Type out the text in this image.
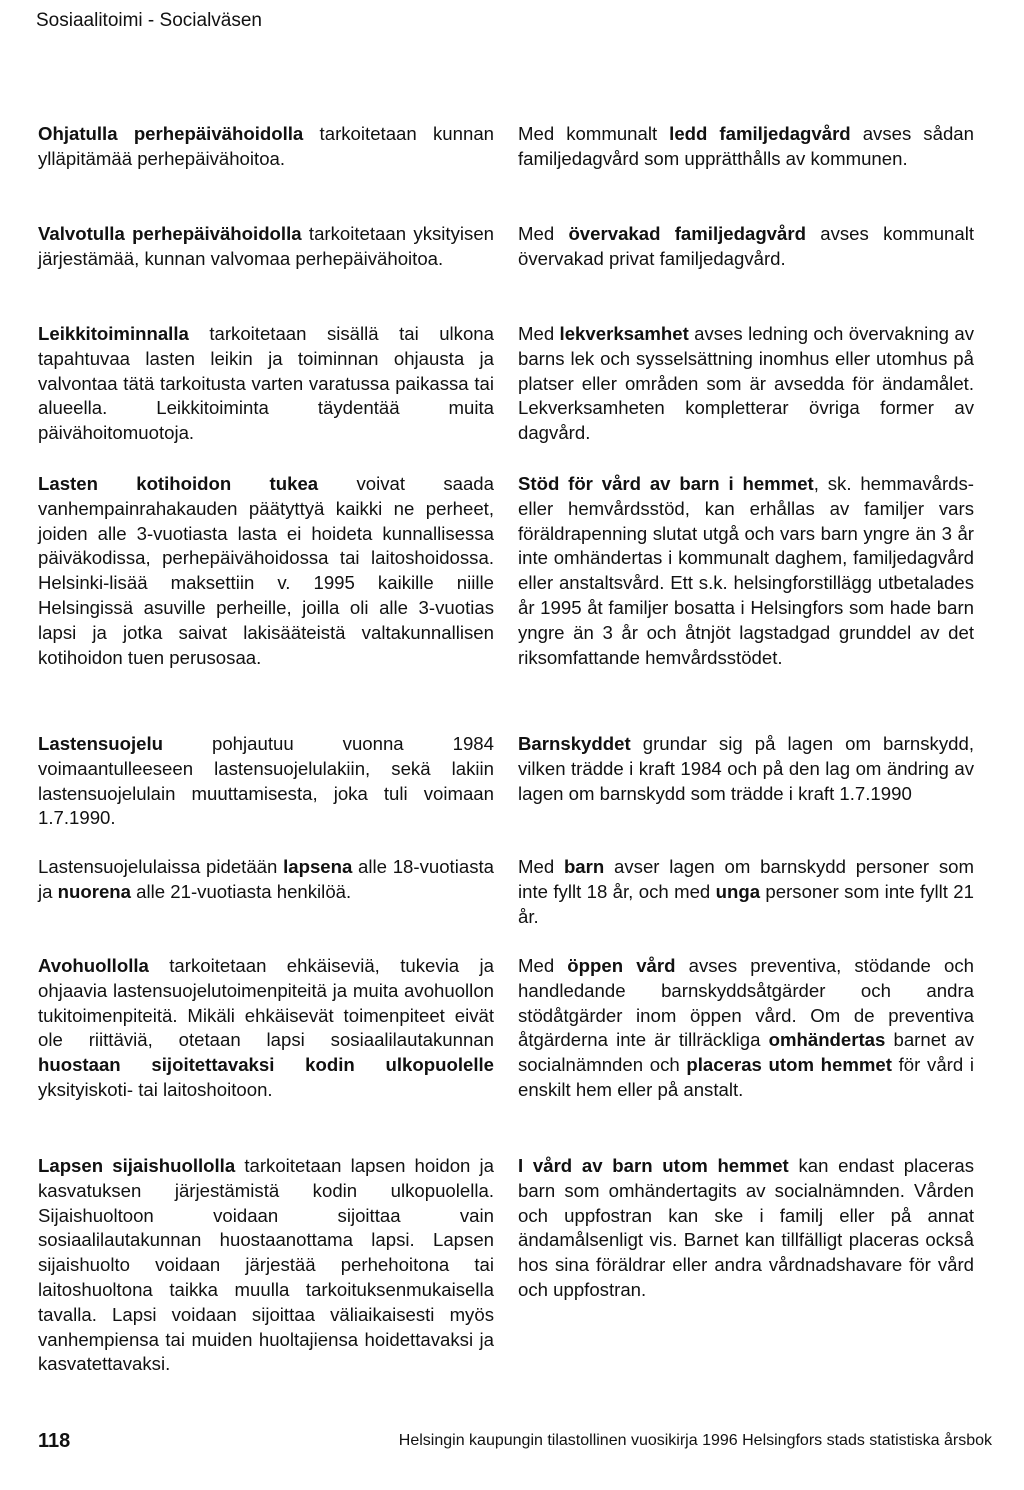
Sosiaalitoimi - Socialväsen

Ohjatulla perhepäivähoidolla tarkoitetaan kunnan ylläpitämää perhepäivähoitoa.

Valvotulla perhepäivähoidolla tarkoitetaan yksityisen järjestämää, kunnan valvomaa perhepäivähoitoa.

Leikkitoiminnalla tarkoitetaan sisällä tai ulkona tapahtuvaa lasten leikin ja toiminnan ohjausta ja valvontaa tätä tarkoitusta varten varatussa paikassa tai alueella. Leikkitoiminta täydentää muita päivähoitomuotoja.

Lasten kotihoidon tukea voivat saada vanhempainrahakauden päätyttyä kaikki ne perheet, joiden alle 3-vuotiasta lasta ei hoideta kunnallisessa päiväkodissa, perhepäivähoidossa tai laitoshoidossa. Helsinki-lisää maksettiin v. 1995 kaikille niille Helsingissä asuville perheille, joilla oli alle 3-vuotias lapsi ja jotka saivat lakisääteistä valtakunnallisen kotihoidon tuen perusosaa.

Lastensuojelu pohjautuu vuonna 1984 voimaantulleeseen lastensuojelulakiin, sekä lakiin lastensuojelulain muuttamisesta, joka tuli voimaan 1.7.1990.

Lastensuojelulaissa pidetään lapsena alle 18-vuotiasta ja nuorena alle 21-vuotiasta henkilöä.

Avohuollolla tarkoitetaan ehkäiseviä, tukevia ja ohjaavia lastensuojelutoimenpiteitä ja muita avohuollon tukitoimenpiteitä. Mikäli ehkäisevät toimenpiteet eivät ole riittäviä, otetaan lapsi sosiaalilautakunnan huostaan sijoitettavaksi kodin ulkopuolelle yksityiskoti- tai laitoshoitoon.

Lapsen sijaishuollolla tarkoitetaan lapsen hoidon ja kasvatuksen järjestämistä kodin ulkopuolella. Sijaishuoltoon voidaan sijoittaa vain sosiaalilautakunnan huostaanottama lapsi. Lapsen sijaishuolto voidaan järjestää perhehoitona tai laitoshuoltona taikka muulla tarkoituksenmukaisella tavalla. Lapsi voidaan sijoittaa väliaikaisesti myös vanhempiensa tai muiden huoltajiensa hoidettavaksi ja kasvatettavaksi.

Med kommunalt ledd familjedagvård avses sådan familjedagvård som upprätthålls av kommunen.

Med övervakad familjedagvård avses kommunalt övervakad privat familjedagvård.

Med lekverksamhet avses ledning och övervakning av barns lek och sysselsättning inomhus eller utomhus på platser eller områden som är avsedda för ändamålet. Lekverksamheten kompletterar övriga former av dagvård.

Stöd för vård av barn i hemmet, sk. hemmavårds- eller hemvårdsstöd, kan erhållas av familjer vars föräldrapenning slutat utgå och vars barn yngre än 3 år inte omhändertas i kommunalt daghem, familjedagvård eller anstaltsvård. Ett s.k. helsingforstillägg utbetalades år 1995 åt familjer bosatta i Helsingfors som hade barn yngre än 3 år och åtnjöt lagstadgad grunddel av det riksomfattande hemvårdsstödet.

Barnskyddet grundar sig på lagen om barnskydd, vilken trädde i kraft 1984 och på den lag om ändring av lagen om barnskydd som trädde i kraft 1.7.1990

Med barn avser lagen om barnskydd personer som inte fyllt 18 år, och med unga personer som inte fyllt 21 år.

Med öppen vård avses preventiva, stödande och handledande barnskyddsåtgärder och andra stödåtgärder inom öppen vård. Om de preventiva åtgärderna inte är tillräckliga omhändertas barnet av socialnämnden och placeras utom hemmet för vård i enskilt hem eller på anstalt.

I vård av barn utom hemmet kan endast placeras barn som omhändertagits av socialnämnden. Vården och uppfostran kan ske i familj eller på annat ändamålsenligt vis. Barnet kan tillfälligt placeras också hos sina föräldrar eller andra vårdnadshavare för vård och uppfostran.

118	Helsingin kaupungin tilastollinen vuosikirja 1996 Helsingfors stads statistiska årsbok
